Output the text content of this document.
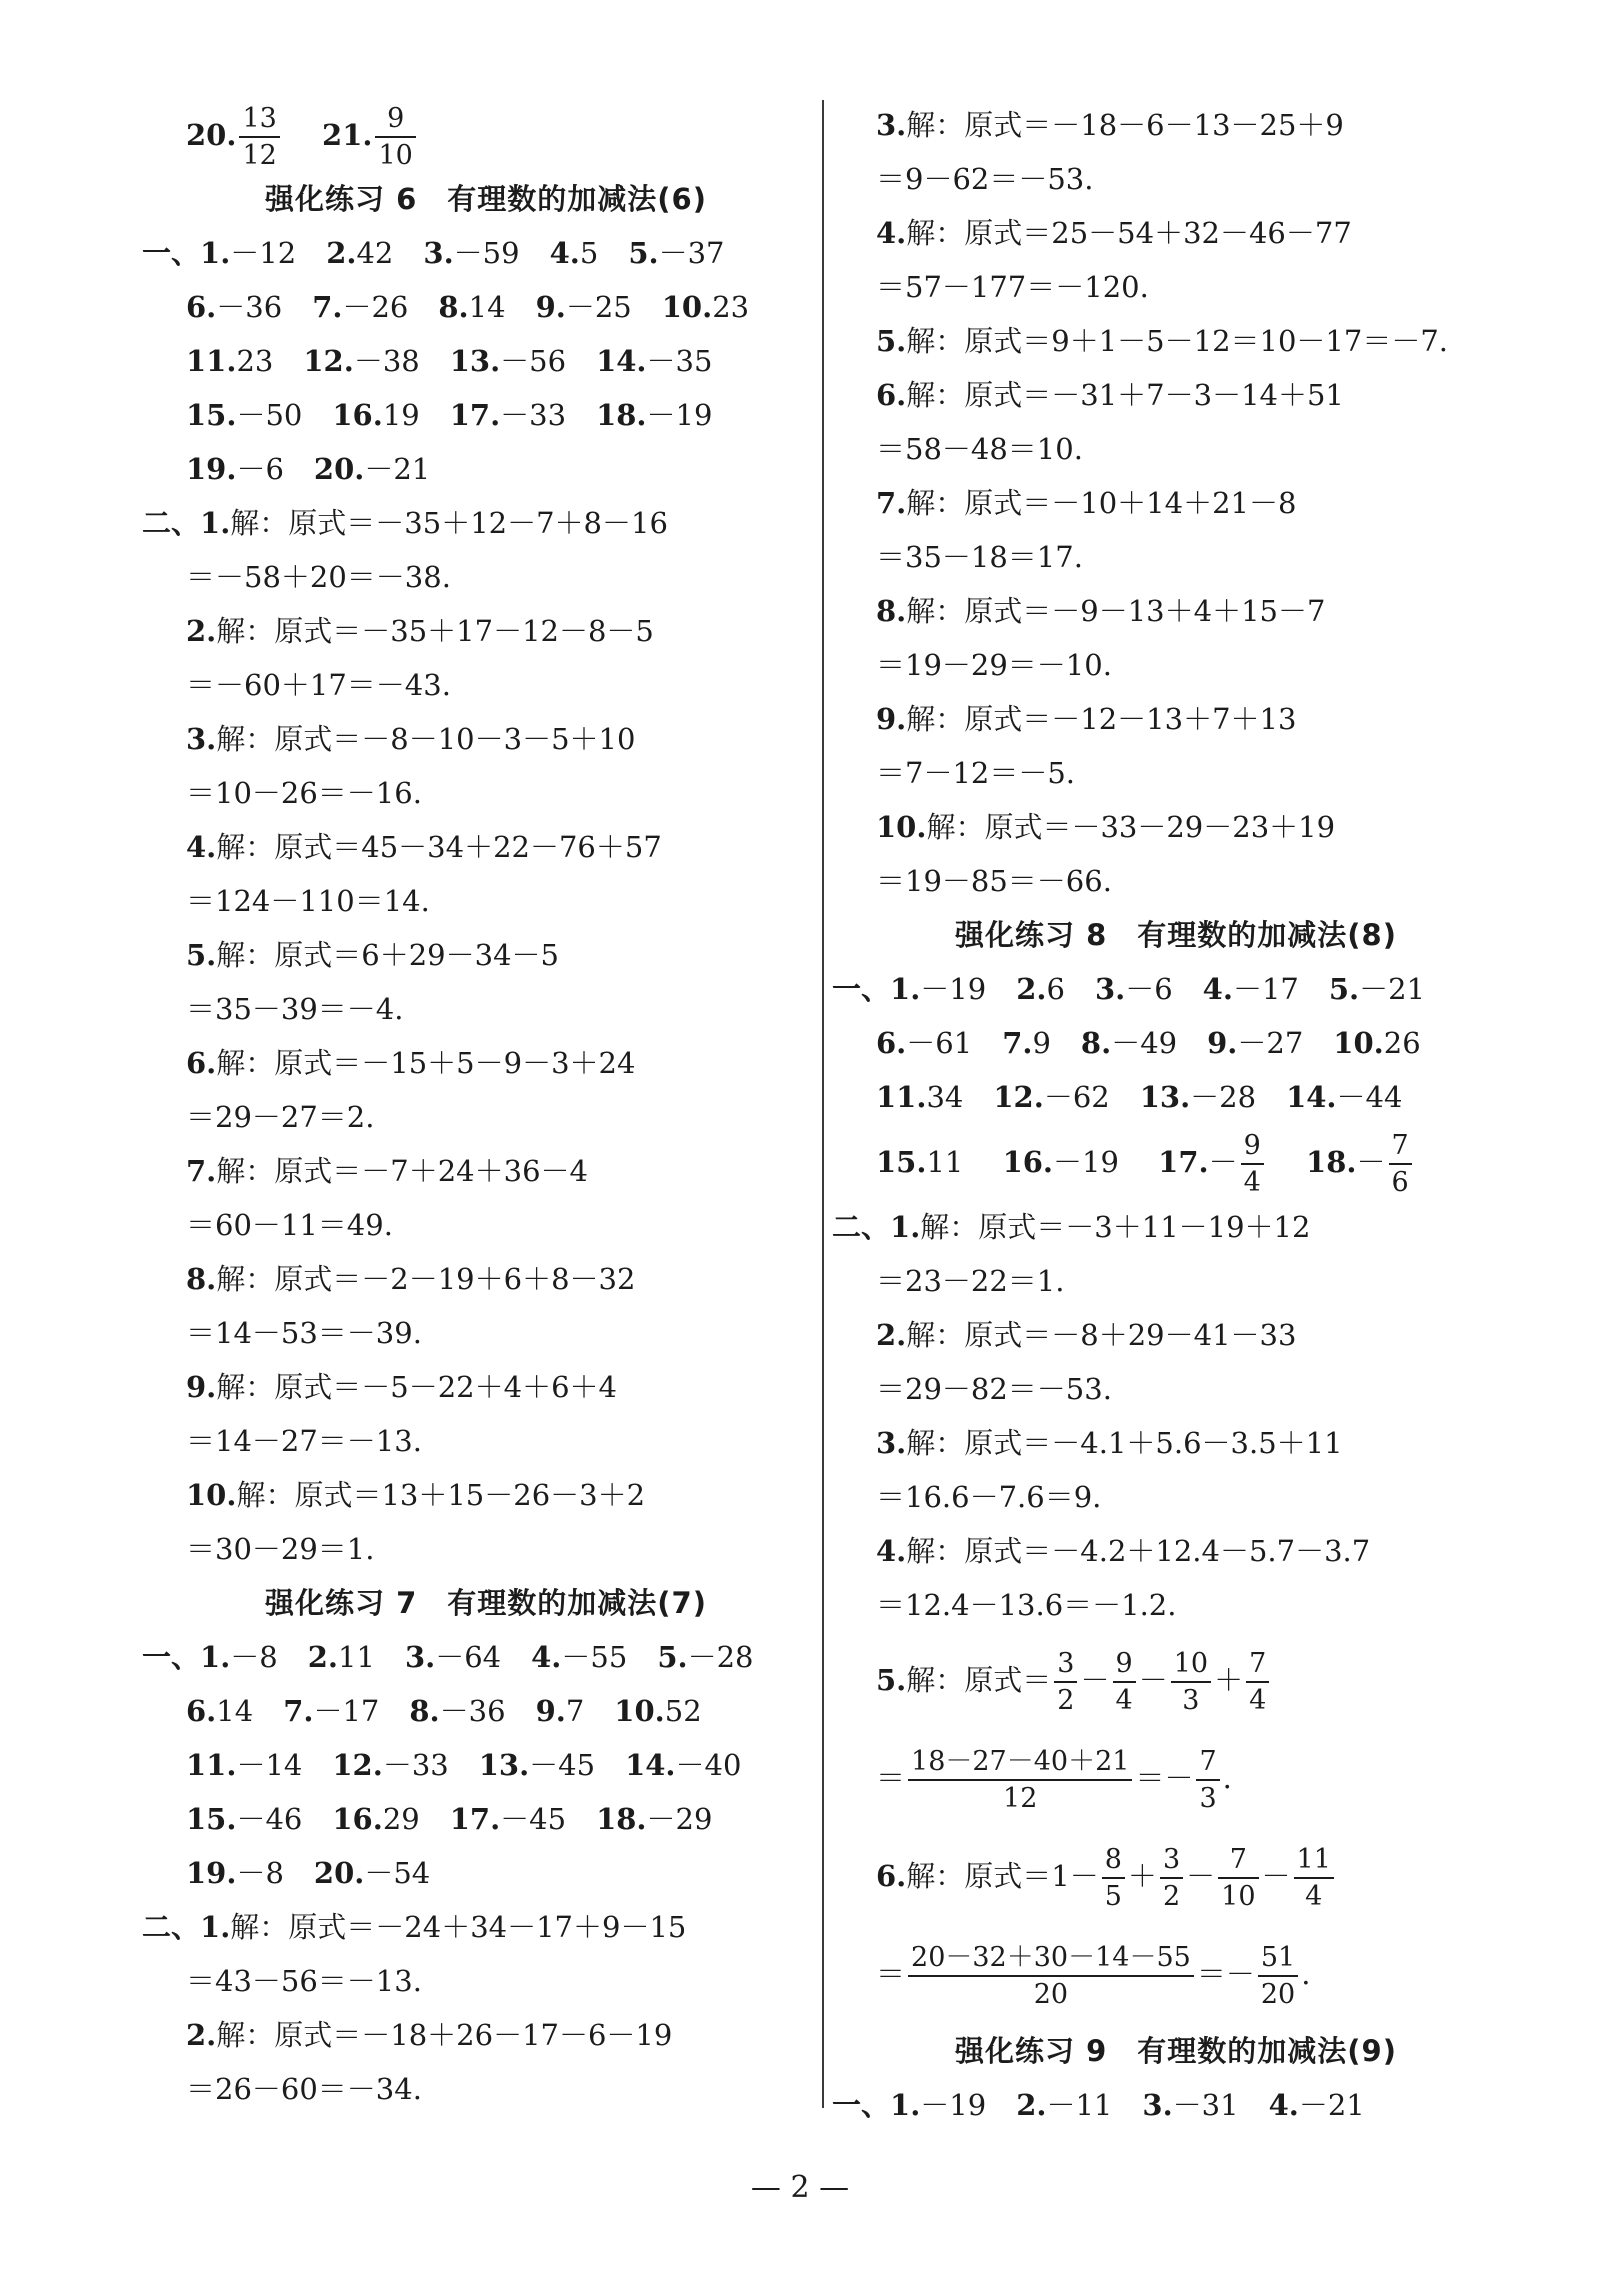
20. $\frac{13}{12} 21$. $\frac{9}{10}$
强化练习 6　有理数的加减法(6)
一、1.－12 2.42 3.－59 4.5 5.－37
6.－36 7.－26 8.14 9.－25 10.23
11.23 12.－38 13.－56 14.－35
15.－50 16.19 17.－33 18.－19
19.－6 20.－21
二、1.解：原式＝－35＋12－7＋8－16
＝－58＋20＝－38.
2.解：原式＝－35＋17－12－8－5
＝－60＋17＝－43.
3.解：原式＝－8－10－3－5＋10
＝10－26＝－16.
4.解：原式＝45－34＋22－76＋57
＝124－110＝14.
5.解：原式＝6＋29－34－5
＝35－39＝－4.
6.解：原式＝－15＋5－9－3＋24
＝29－27＝2.
7.解：原式＝－7＋24＋36－4
＝60－11＝49.
8.解：原式＝－2－19＋6＋8－32
＝14－53＝－39.
9.解：原式＝－5－22＋4＋6＋4
＝14－27＝－13.
10.解：原式＝13＋15－26－3＋2
＝30－29＝1.
强化练习 7　有理数的加减法(7)
一、1.－8 2.11 3.－64 4.－55 5.－28
6.14 7.－17 8.－36 9.7 10.52
11.－14 12.－33 13.－45 14.－40
15.－46 16.29 17.－45 18.－29
19.－8 20.－54
二、1.解：原式＝－24＋34－17＋9－15
＝43－56＝－13.
2.解：原式＝－18＋26－17－6－19
＝26－60＝－34.
3.解：原式＝－18－6－13－25＋9
＝9－62＝－53.
4.解：原式＝25－54＋32－46－77
＝57－177＝－120.
5.解：原式＝9＋1－5－12＝10－17＝－7.
6.解：原式＝－31＋7－3－14＋51
＝58－48＝10.
7.解：原式＝－10＋14＋21－8
＝35－18＝17.
8.解：原式＝－9－13＋4＋15－7
＝19－29＝－10.
9.解：原式＝－12－13＋7＋13
＝7－12＝－5.
10.解：原式＝－33－29－23＋19
＝19－85＝－66.
强化练习 8　有理数的加减法(8)
一、1.－19 2.6 3.－6 4.－17 5.－21
6.－61 7.9 8.－49 9.－27 10.26
11.34 12.－62 13.－28 14.－44
15.11 16.－19 $17.- \frac{9}{4} 18.- \frac{7}{6}$
二、1.解：原式＝－3＋11－19＋12
＝23－22＝1.
2.解：原式＝－8＋29－41－33
＝29－82＝－53.
3.解：原式＝－4.1＋5.6－3.5＋11
＝16.6－7.6＝9.
4.解：原式＝－4.2＋12.4－5.7－3.7
＝12.4－13.6＝－1.2.
5.解：原式＝ $\frac{3}{2} - \frac{9}{4} - \frac{10}{3} + \frac{7}{4}$
＝ $\frac{18-27-40+21}{12} =- \frac{7}{3}$ .
6.解：原式$=1- \frac{8}{5} + \frac{3}{2} - \frac{7}{10} - \frac{11}{4}$
＝ $\frac{20-32+30-14-55}{20} =- \frac{51}{20}$ .
强化练习 9　有理数的加减法(9)
一、1.－19 2.－11 3.－31 4.－21
— 2 —
